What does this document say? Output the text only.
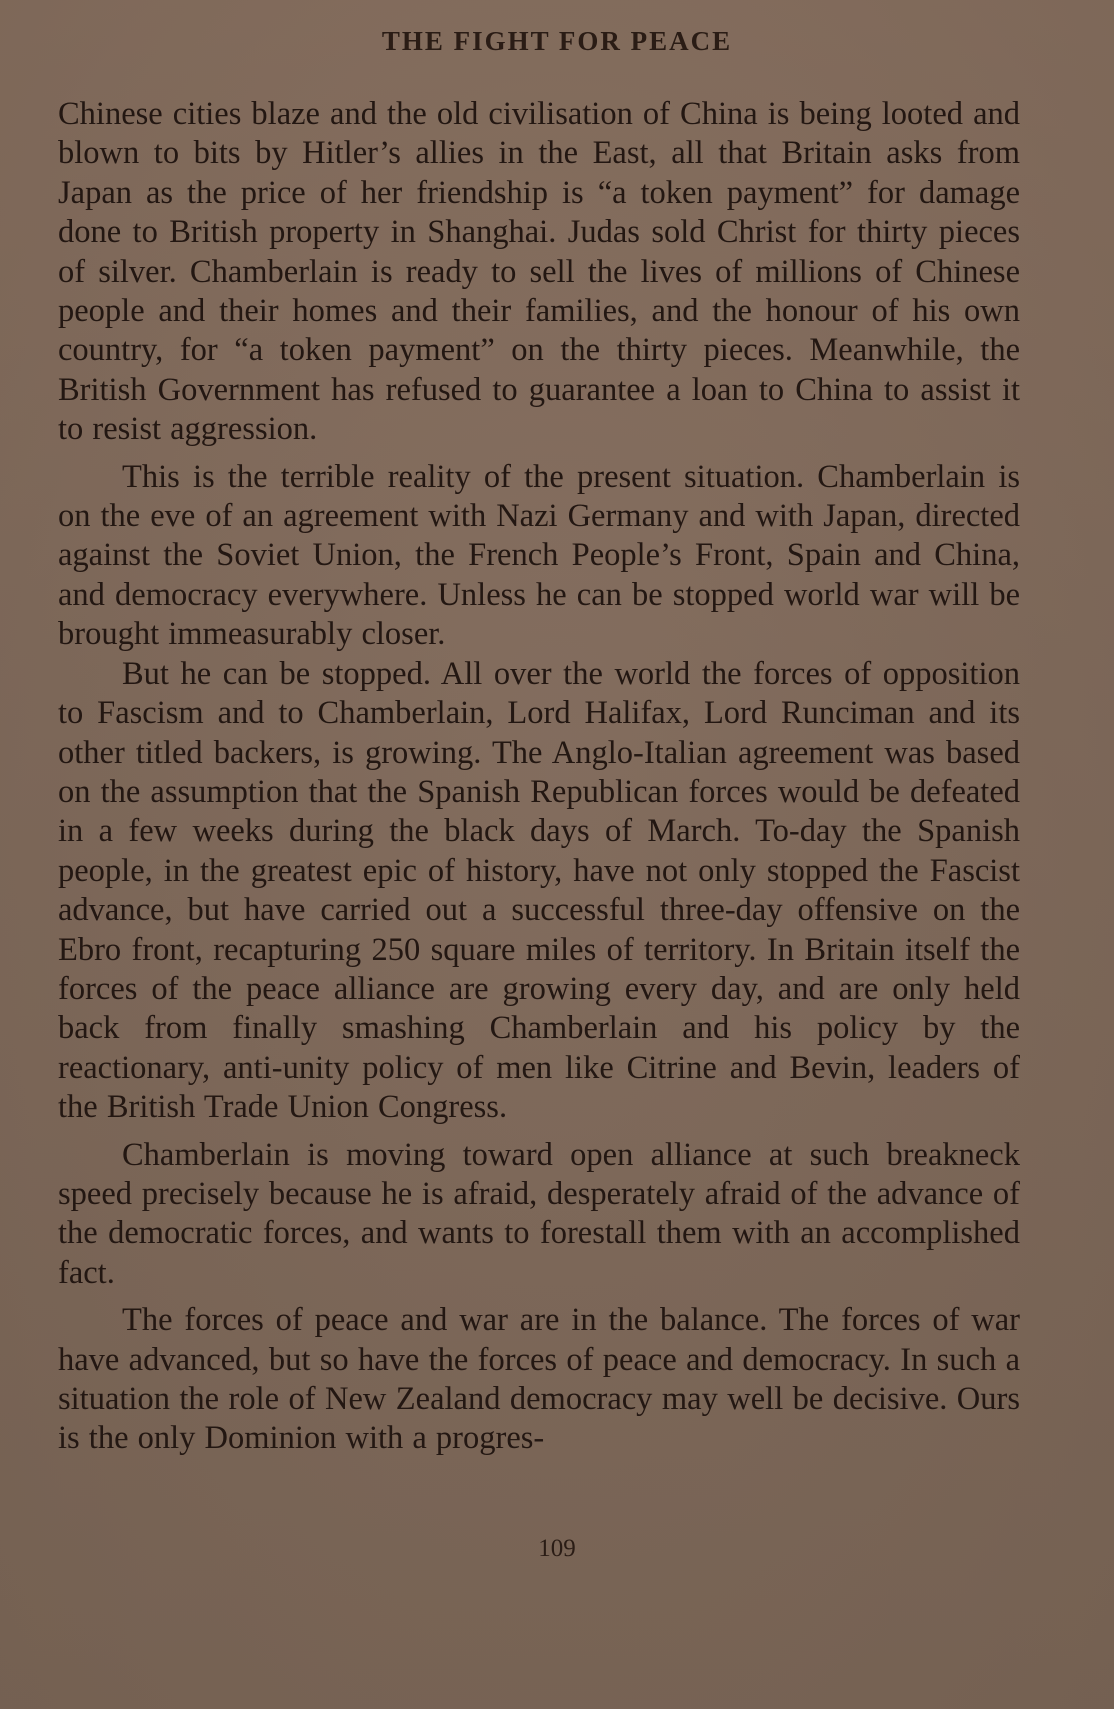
THE FIGHT FOR PEACE

Chinese cities blaze and the old civilisation of China is being looted and blown to bits by Hitler’s allies in the East, all that Britain asks from Japan as the price of her friendship is “a token payment” for damage done to British property in Shanghai. Judas sold Christ for thirty pieces of silver. Chamberlain is ready to sell the lives of millions of Chinese people and their homes and their families, and the honour of his own country, for “a token payment” on the thirty pieces. Meanwhile, the British Government has refused to guarantee a loan to China to assist it to resist aggression.

This is the terrible reality of the present situation. Chamberlain is on the eve of an agreement with Nazi Germany and with Japan, directed against the Soviet Union, the French People’s Front, Spain and China, and democracy everywhere. Unless he can be stopped world war will be brought immeasurably closer.

But he can be stopped. All over the world the forces of opposition to Fascism and to Chamberlain, Lord Halifax, Lord Runciman and its other titled backers, is growing. The Anglo-Italian agreement was based on the assumption that the Spanish Republican forces would be defeated in a few weeks during the black days of March. To-day the Spanish people, in the greatest epic of history, have not only stopped the Fascist advance, but have carried out a successful three-day offensive on the Ebro front, recapturing 250 square miles of territory. In Britain itself the forces of the peace alliance are growing every day, and are only held back from finally smashing Chamberlain and his policy by the reactionary, anti-unity policy of men like Citrine and Bevin, leaders of the British Trade Union Congress.

Chamberlain is moving toward open alliance at such breakneck speed precisely because he is afraid, desperately afraid of the advance of the democratic forces, and wants to forestall them with an accomplished fact.

The forces of peace and war are in the balance. The forces of war have advanced, but so have the forces of peace and democracy. In such a situation the role of New Zealand democracy may well be decisive. Ours is the only Dominion with a progres-

109
